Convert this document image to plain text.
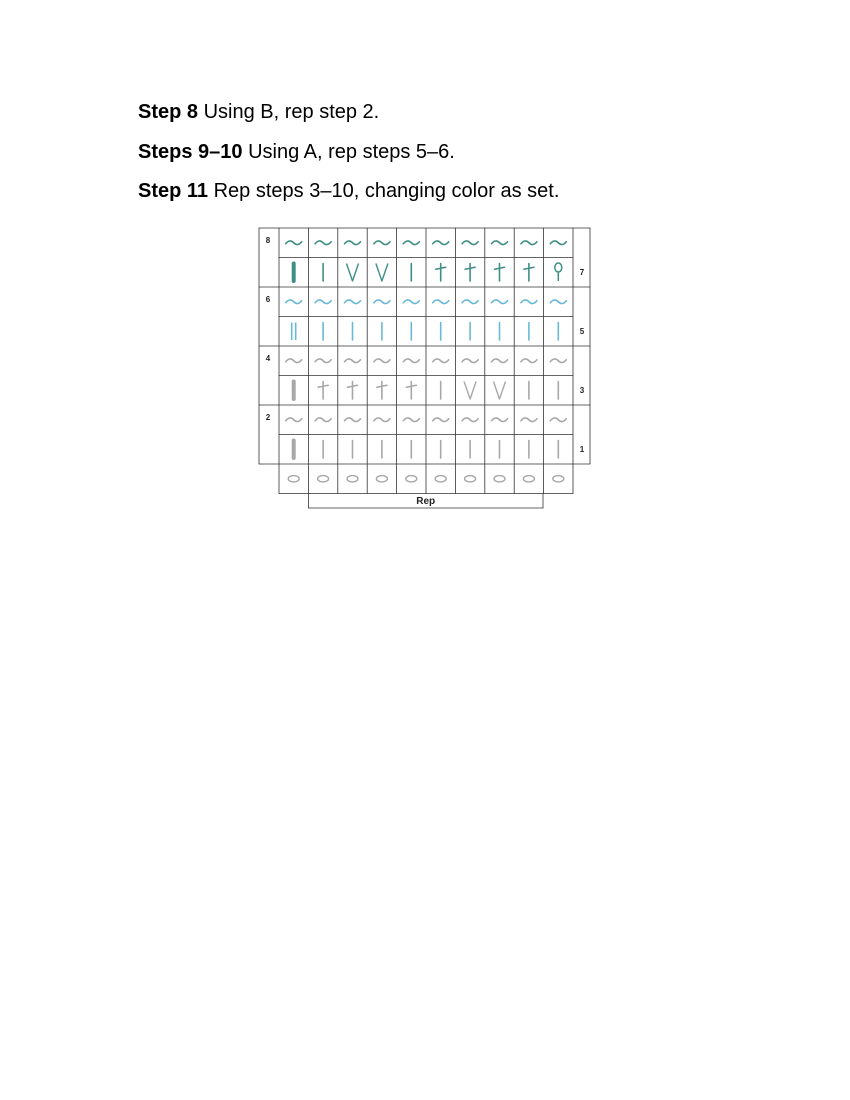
Step 8 Using B, rep step 2.
Steps 9–10 Using A, rep steps 5–6.
Step 11 Rep steps 3–10, changing color as set.
8
6
4
2
7
5
3
1
Rep
